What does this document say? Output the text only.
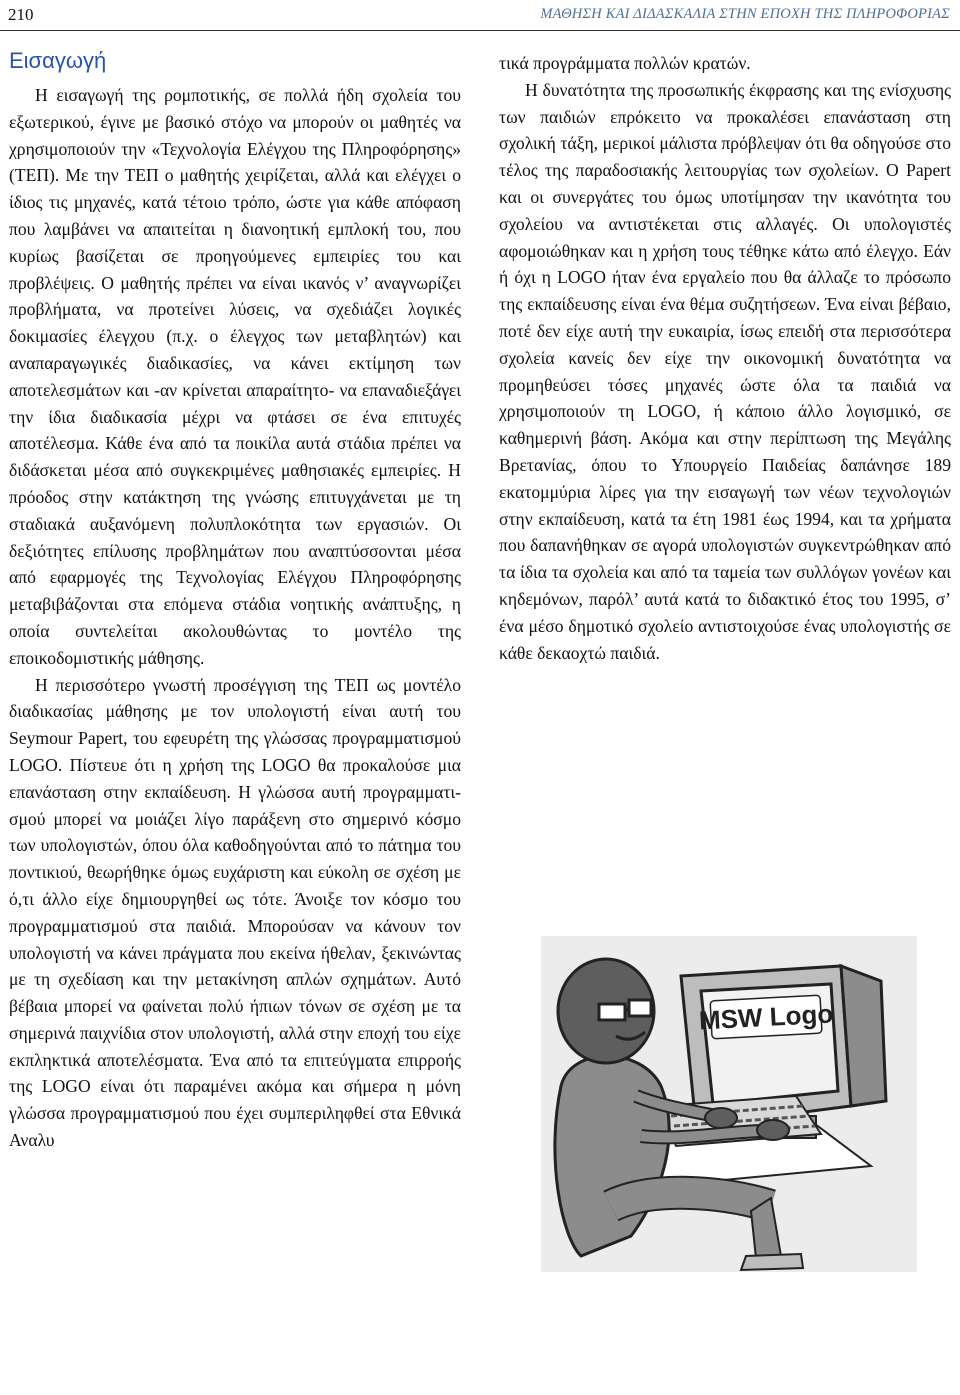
210	ΜΑΘΗΣΗ ΚΑΙ ΔΙΔΑΣΚΑΛΙΑ ΣΤΗΝ ΕΠΟΧΗ ΤΗΣ ΠΛΗΡΟΦΟΡΙΑΣ
Εισαγωγή

Η εισαγωγή της ρομποτικής, σε πολλά ήδη σχολεία του εξωτερικού, έγινε με βασικό στόχο να μπορούν οι μαθητές να χρησιμοποιούν την «Τεχνολογία Ελέγχου της Πληροφόρησης» (ΤΕΠ). Με την ΤΕΠ ο μαθητής χειρίζεται, αλλά και ελέγχει ο ίδιος τις μηχανές, κατά τέτοιο τρόπο, ώστε για κάθε απόφαση που λαμβάνει να απαιτείται η διανοητική εμπλοκή του, που κυρίως βασίζεται σε προηγούμενες εμπειρίες του και προβλέψεις. Ο μαθητής πρέπει να είναι ικανός ν’ αναγνωρίζει προβλήματα, να προτείνει λύσεις, να σχεδιάζει λογικές δοκιμασίες έλεγχου (π.χ. ο έλεγχος των μεταβλητών) και αναπαραγωγικές διαδικασίες, να κάνει εκτίμηση των αποτελεσμάτων και -αν κρίνεται απαραίτητο- να επαναδιεξάγει την ίδια διαδικασία μέχρι να φτάσει σε ένα επιτυχές αποτέλεσμα. Κάθε ένα από τα ποικίλα αυτά στάδια πρέπει να διδάσκεται μέσα από συγκεκριμένες μαθησιακές εμπειρίες. Η πρόοδος στην κατάκτηση της γνώσης επιτυγχάνεται με τη σταδιακά αυξανόμενη πολυπλοκότητα των εργασιών. Οι δεξιότητες επίλυσης προβλημάτων που αναπτύσσονται μέσα από εφαρμογές της Τεχνολογίας Ελέγχου Πληροφόρησης μεταβιβάζονται στα επόμενα στάδια νοητικής ανάπτυξης, η οποία συντελείται ακολουθώντας το μοντέλο της εποικοδομιστικής μάθησης.

Η περισσότερο γνωστή προσέγγιση της ΤΕΠ ως μοντέλο διαδικασίας μάθησης με τον υπολογιστή είναι αυτή του Seymour Papert, του εφευρέτη της γλώσσας προγραμματισμού LOGO. Πίστευε ότι η χρήση της LOGO θα προκαλούσε μια επανάσταση στην εκπαίδευση. Η γλώσσα αυτή προγραμματισμού μπορεί να μοιάζει λίγο παράξενη στο σημερινό κόσμο των υπολογιστών, όπου όλα καθοδηγούνται από το πάτημα του ποντικιού, θεωρήθηκε όμως ευχάριστη και εύκολη σε σχέση με ό,τι άλλο είχε δημιουργηθεί ως τότε. Άνοιξε τον κόσμο του προγραμματισμού στα παιδιά. Μπορούσαν να κάνουν τον υπολογιστή να κάνει πράγματα που εκείνα ήθελαν, ξεκινώντας με τη σχεδίαση και την μετακίνηση απλών σχημάτων. Αυτό βέβαια μπορεί να φαίνεται πολύ ήπιων τόνων σε σχέση με τα σημερινά παιχνίδια στον υπολογιστή, αλλά στην εποχή του είχε εκπληκτικά αποτελέσματα. Ένα από τα επιτεύγματα επιρροής της LOGO είναι ότι παραμένει ακόμα και σήμερα η μόνη γλώσσα προγραμματισμού που έχει συμπεριληφθεί στα Εθνικά Αναλυ

τικά προγράμματα πολλών κρατών.

Η δυνατότητα της προσωπικής έκφρασης και της ενίσχυσης των παιδιών επρόκειτο να προκαλέσει επανάσταση στη σχολική τάξη, μερικοί μάλιστα πρόβλεψαν ότι θα οδηγούσε στο τέλος της παραδοσιακής λειτουργίας των σχολείων. Ο Papert και οι συνεργάτες του όμως υποτίμησαν την ικανότητα του σχολείου να αντιστέκεται στις αλλαγές. Οι υπολογιστές αφομοιώθηκαν και η χρήση τους τέθηκε κάτω από έλεγχο. Εάν ή όχι η LOGO ήταν ένα εργαλείο που θα άλλαζε το πρόσωπο της εκπαίδευσης είναι ένα θέμα συζητήσεων. Ένα είναι βέβαιο, ποτέ δεν είχε αυτή την ευκαιρία, ίσως επειδή στα περισσότερα σχολεία κανείς δεν είχε την οικονομική δυνατότητα να προμηθεύσει τόσες μηχανές ώστε όλα τα παιδιά να χρησιμοποιούν τη LOGO, ή κάποιο άλλο λογισμικό, σε καθημερινή βάση. Ακόμα και στην περίπτωση της Μεγάλης Βρετανίας, όπου το Υπουργείο Παιδείας δαπάνησε 189 εκατομμύρια λίρες για την εισαγωγή των νέων τεχνολογιών στην εκπαίδευση, κατά τα έτη 1981 έως 1994, και τα χρήματα που δαπανήθηκαν σε αγορά υπολογιστών συγκεντρώθηκαν από τα ίδια τα σχολεία και από τα ταμεία των συλλόγων γονέων και κηδεμόνων, παρόλ’ αυτά κατά το διδακτικό έτος του 1995, σ’ ένα μέσο δημοτικό σχολείο αντιστοιχούσε ένας υπολογιστής σε κάθε δεκαοχτώ παιδιά.

MSW Logo
